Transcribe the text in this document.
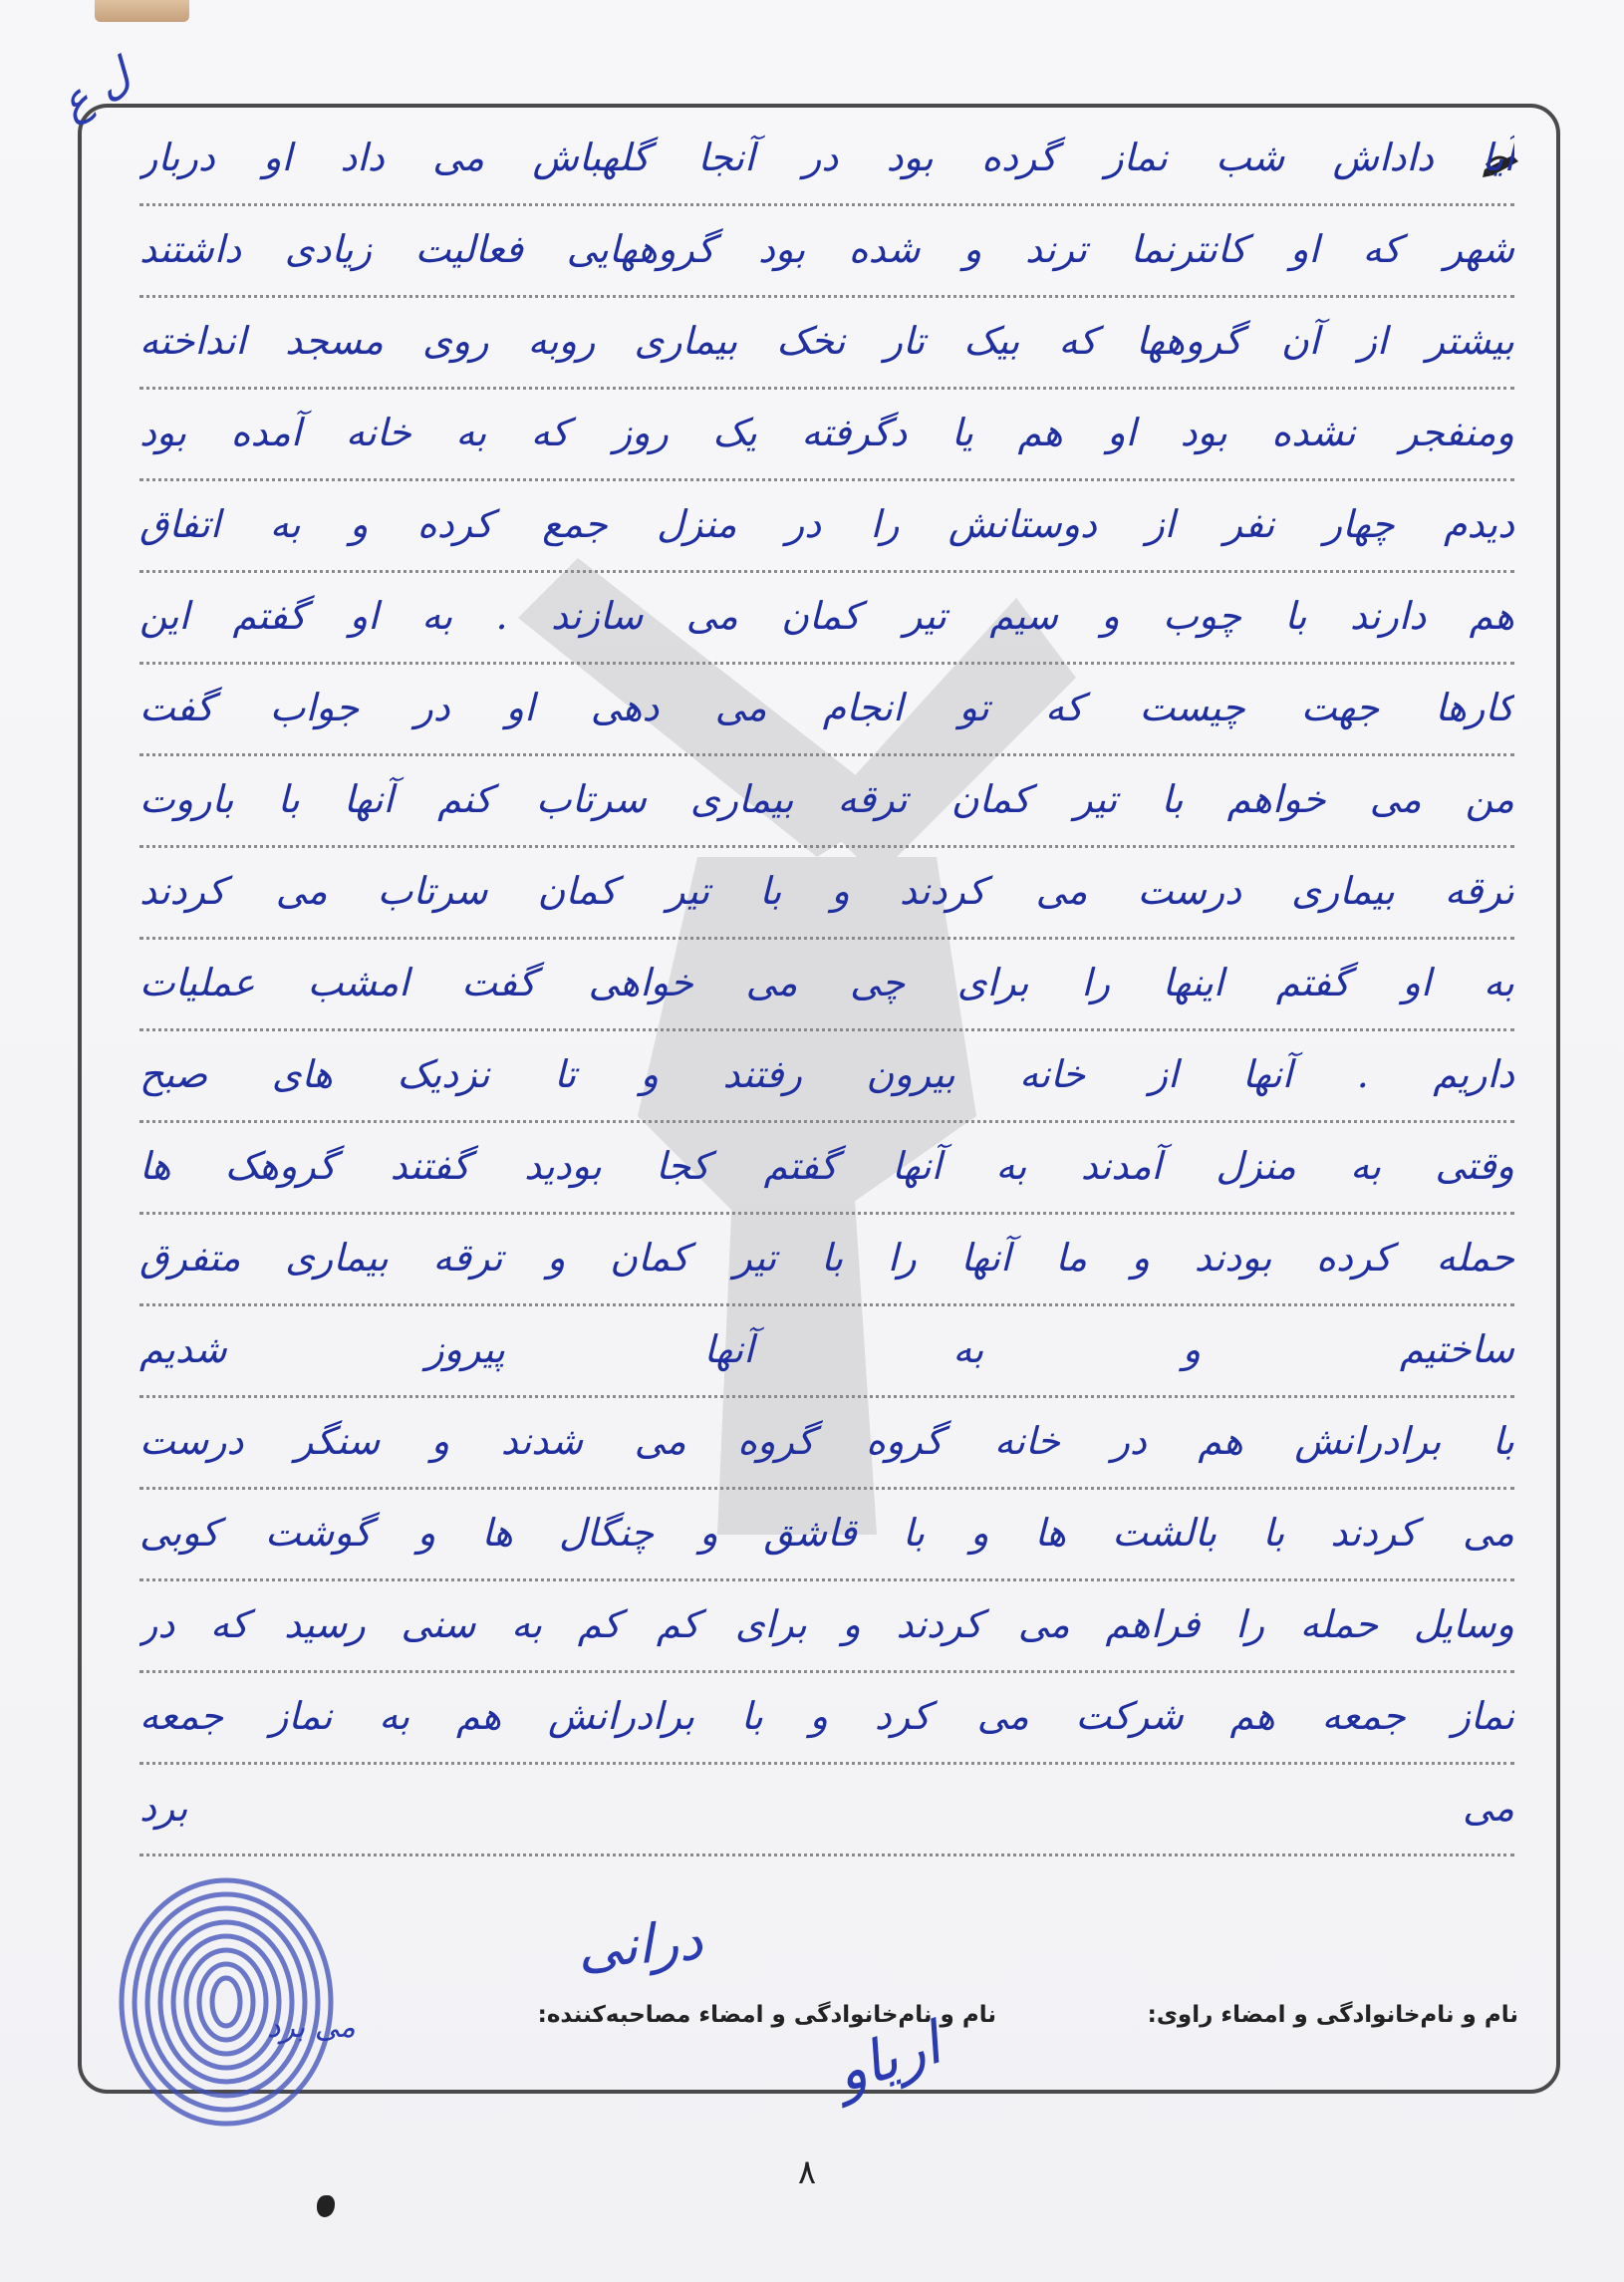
ل ع
آیا داداش شب نماز گرده بود در آنجا گلهباش می داد او دربار
شهر که او کانترنما ترند و شده بود گروههایی فعالیت زیادی داشتند
بیشتر از آن گروهها که بیک تار نخک بیماری روبه روی مسجد انداخته
ومنفجر نشده بود او هم یا دگرفته یک روز که به خانه آمده بود
دیدم چهار نفر از دوستانش را در منزل جمع کرده و به اتفاق
هم دارند با چوب و سیم تیر کمان می سازند . به او گفتم این
کارها جهت چیست که تو انجام می دهی او در جواب گفت
من می خواهم با تیر کمان ترقه بیماری سرتاب کنم آنها با باروت
ترقه بیماری درست می کردند و با تیر کمان سرتاب می کردند
به او گفتم اینها را برای چی می خواهی گفت امشب عملیات
داریم . آنها از خانه بیرون رفتند و تا نزدیک های صبح
وقتی به منزل آمدند به آنها گفتم کجا بودید گفتند گروهک ها
حمله کرده بودند و ما آنها را با تیر کمان و ترقه بیماری متفرق
ساختیم و به آنها پیروز شدیم
با برادرانش هم در خانه گروه گروه می شدند و سنگر درست
می کردند با بالشت ها و با قاشق و چنگال ها و گوشت کوبی
وسایل حمله را فراهم می کردند و برای کم کم به سنی رسید که در
نماز جمعه هم شرکت می کرد و با برادرانش هم به نماز جمعه
می برد
درانی
می برد	اریاو	نام و نام‌خانوادگی و امضاء راوی:
نام و نام‌خانوادگی و امضاء مصاحبه‌کننده:
۸
